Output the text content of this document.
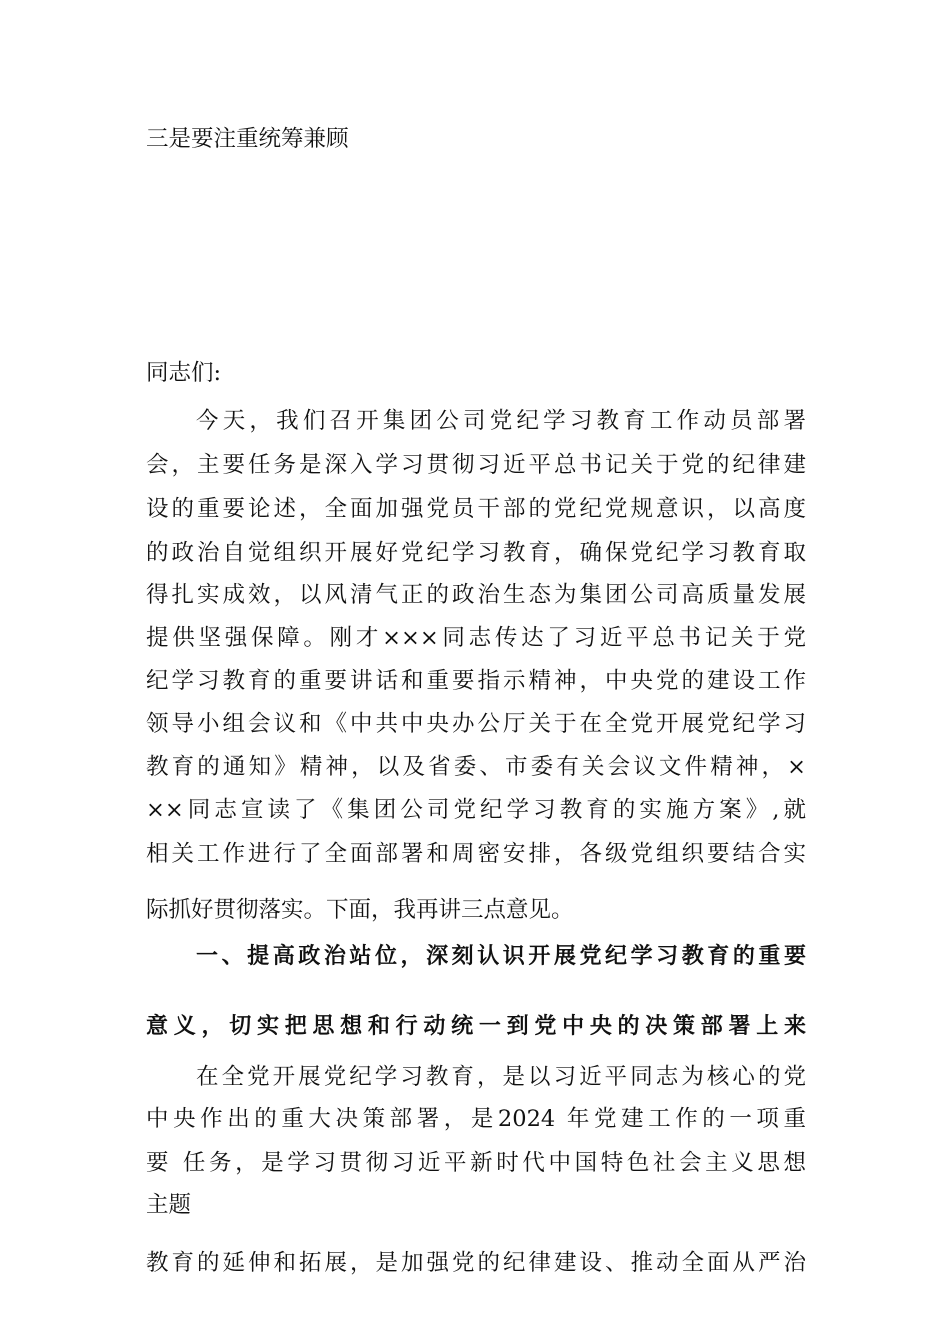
三是要注重统筹兼顾
同志们:
今天，我们召开集团公司党纪学习教育工作动员部署
会，主要任务是深入学习贯彻习近平总书记关于党的纪律建
设的重要论述，全面加强党员干部的党纪党规意识，以高度
的政治自觉组织开展好党纪学习教育，确保党纪学习教育取
得扎实成效，以风清气正的政治生态为集团公司高质量发展
提供坚强保障。刚才×××同志传达了习近平总书记关于党
纪学习教育的重要讲话和重要指示精神，中央党的建设工作
领导小组会议和《中共中央办公厅关于在全党开展党纪学习
教育的通知》精神，以及省委、市委有关会议文件精神，×
××同志宣读了《集团公司党纪学习教育的实施方案》,就
相关工作进行了全面部署和周密安排，各级党组织要结合实
际抓好贯彻落实。下面，我再讲三点意见。
一、提高政治站位，深刻认识开展党纪学习教育的重要
意义，切实把思想和行动统一到党中央的决策部署上来
在全党开展党纪学习教育，是以习近平同志为核心的党
中央作出的重大决策部署，是2024 年党建工作的一项重
要 任务，是学习贯彻习近平新时代中国特色社会主义思想
主题
教育的延伸和拓展，是加强党的纪律建设、推动全面从严治
